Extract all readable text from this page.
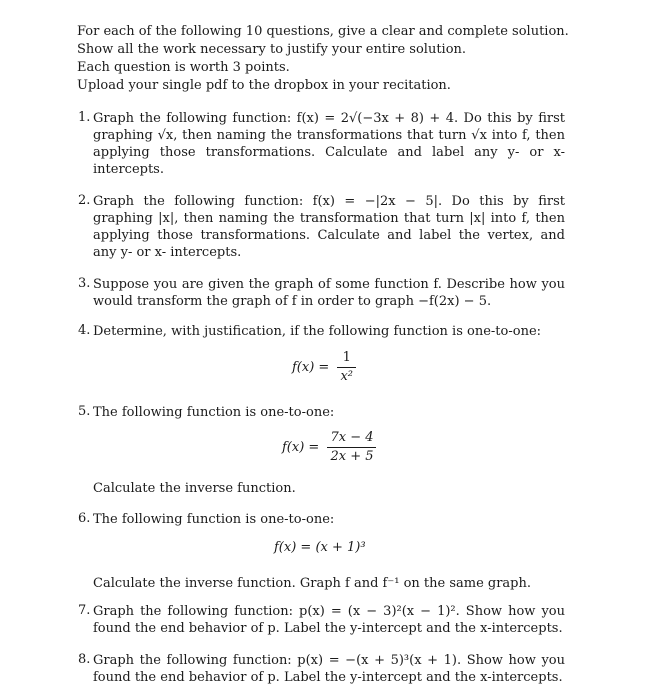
For each of the following 10 questions, give a clear and complete solution.
Show all the work necessary to justify your entire solution.
Each question is worth 3 points.
Upload your single pdf to the dropbox in your recitation.
1. Graph the following function: f(x) = 2√(−3x + 8) + 4. Do this by first graphing √x, then naming the transformations that turn √x into f, then applying those transformations. Calculate and label any y- or x- intercepts.
2. Graph the following function: f(x) = −|2x − 5|. Do this by first graphing |x|, then naming the transformation that turn |x| into f, then applying those transformations. Calculate and label the vertex, and any y- or x- intercepts.
3. Suppose you are given the graph of some function f. Describe how you would transform the graph of f in order to graph −f(2x) − 5.
4. Determine, with justification, if the following function is one-to-one:
$f(x) = \frac{1}{\text{x²}}$
5. The following function is one-to-one:
$f(x) = \frac{7x - 4}{2x + 5}$
Calculate the inverse function.
6. The following function is one-to-one:
f(x) = (x + 1)³
Calculate the inverse function. Graph f and f⁻¹ on the same graph.
7. Graph the following function: p(x) = (x − 3)²(x − 1)². Show how you found the end behavior of p. Label the y-intercept and the x-intercepts.
8. Graph the following function: p(x) = −(x + 5)³(x + 1). Show how you found the end behavior of p. Label the y-intercept and the x-intercepts.
